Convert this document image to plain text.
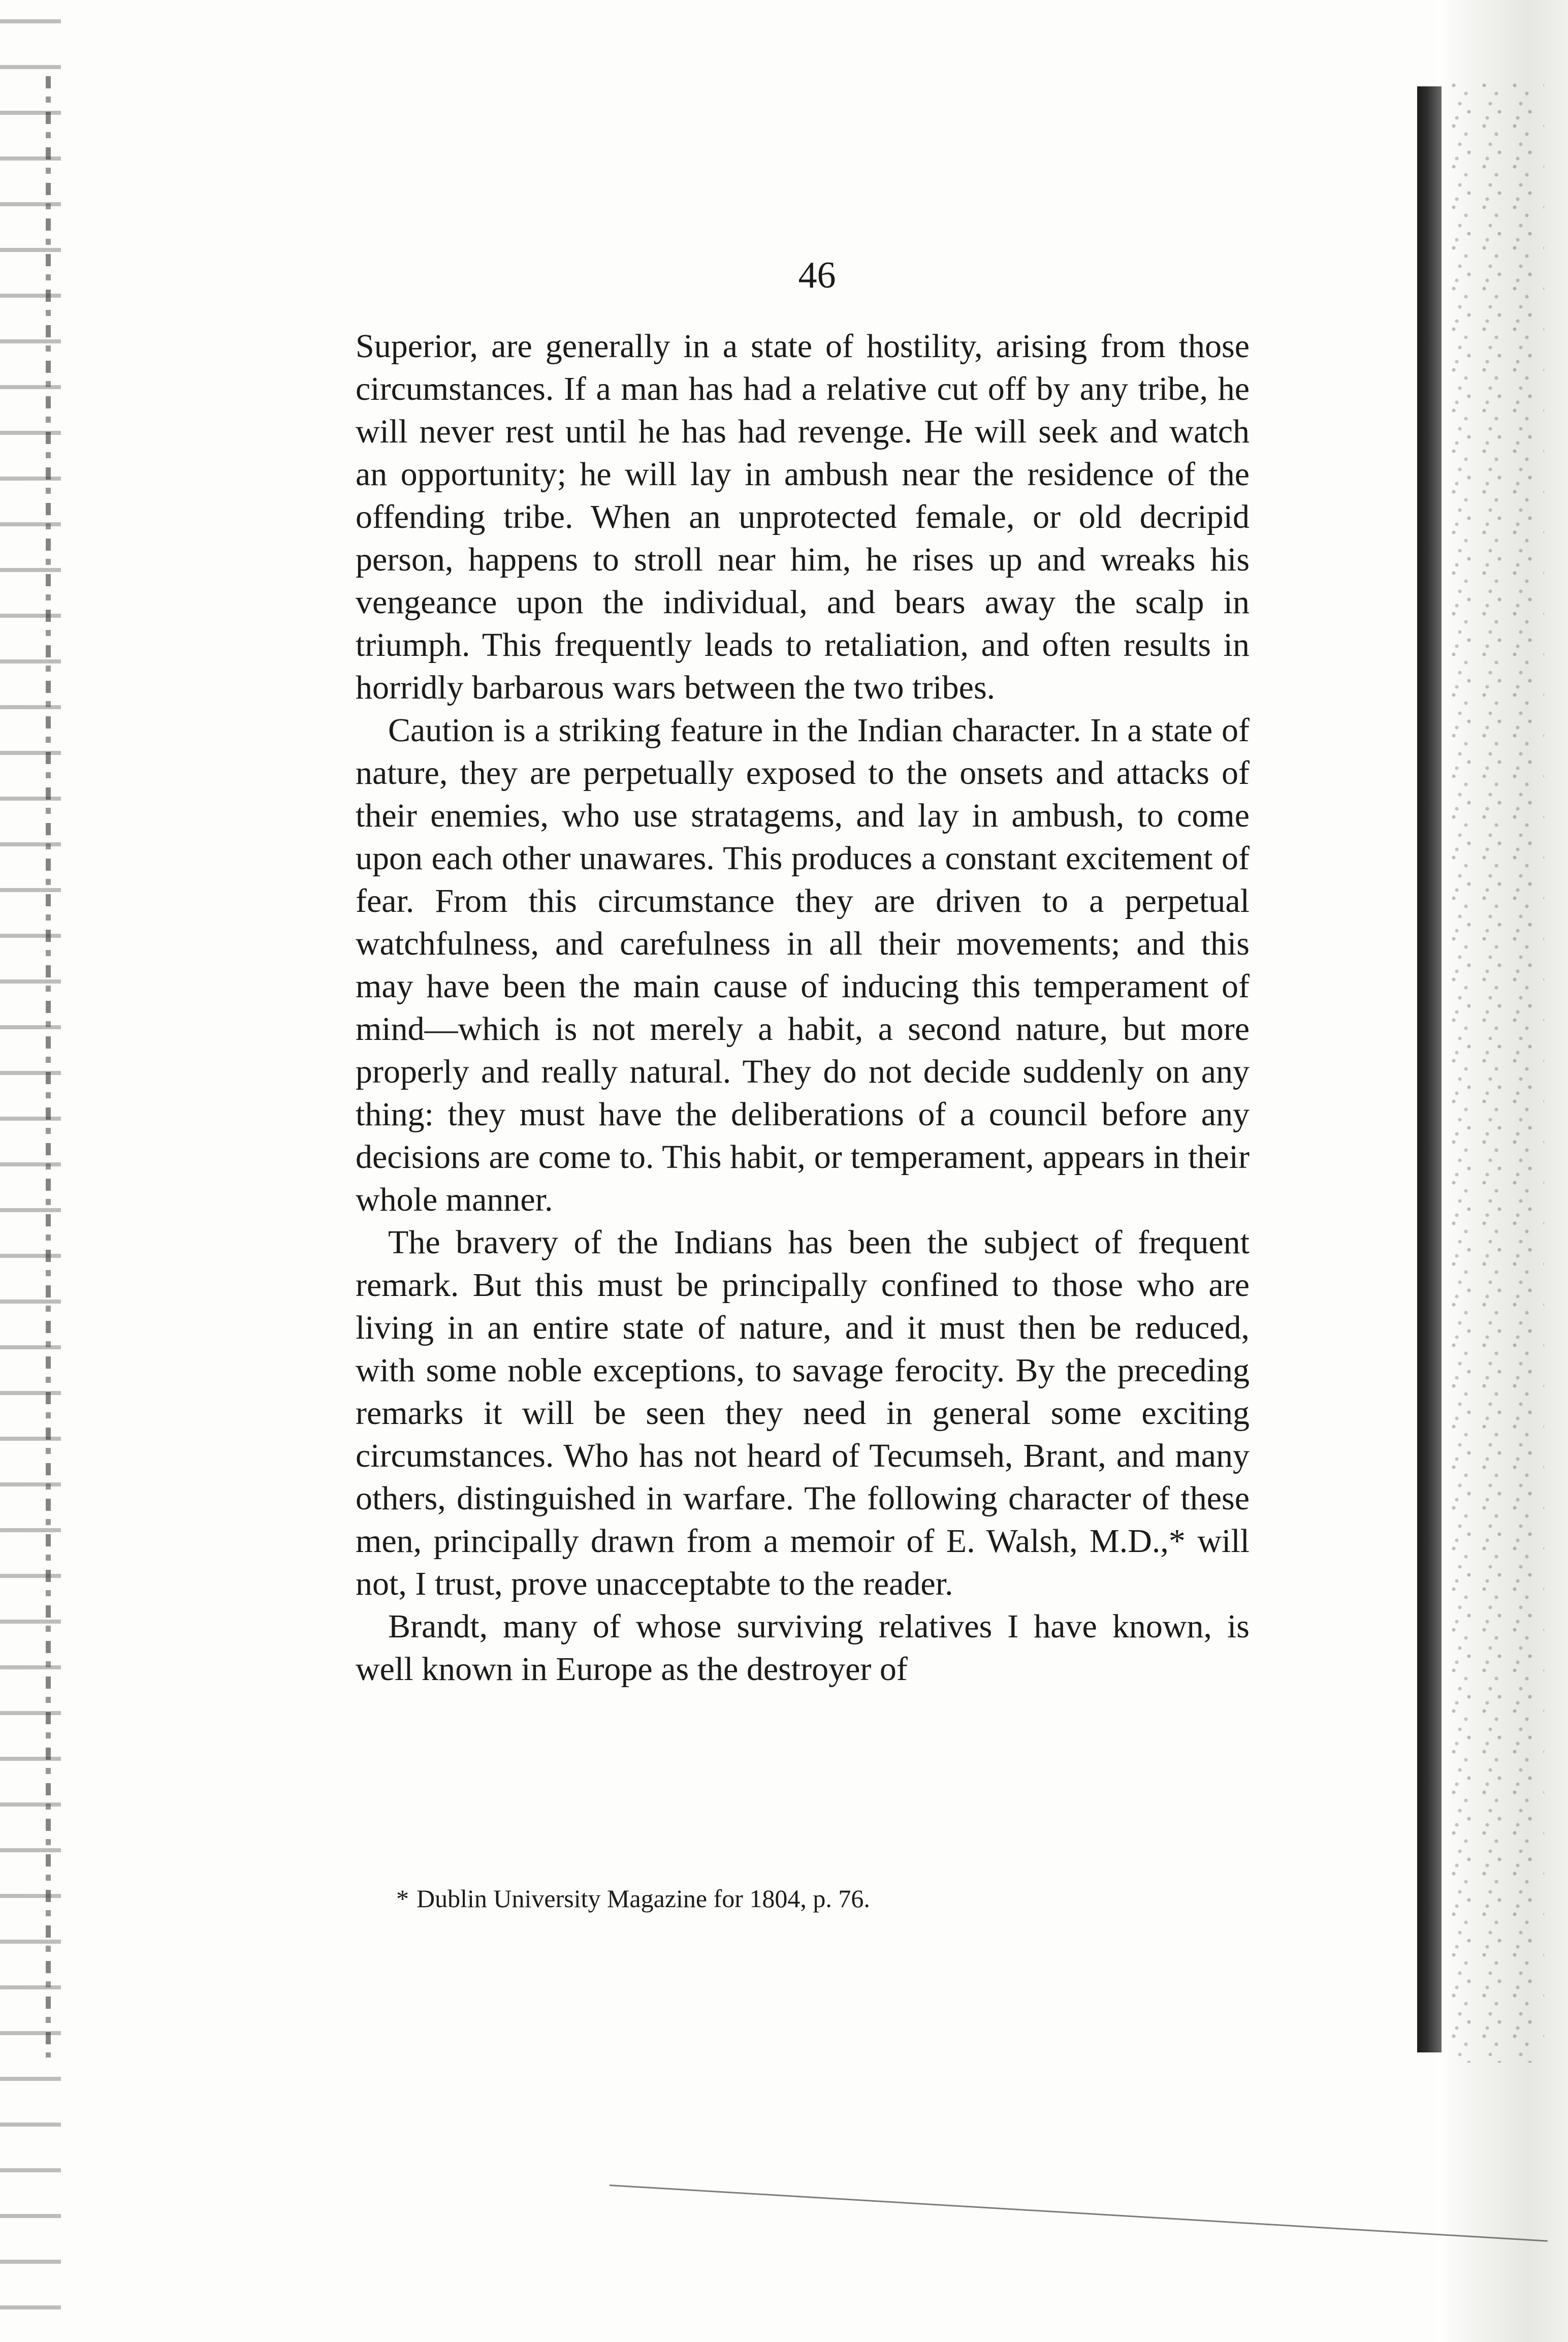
46

Superior, are generally in a state of hostility, arising from those circumstances. If a man has had a relative cut off by any tribe, he will never rest until he has had revenge. He will seek and watch an opportunity; he will lay in ambush near the residence of the offending tribe. When an unprotected female, or old decripid person, happens to stroll near him, he rises up and wreaks his vengeance upon the individual, and bears away the scalp in triumph. This frequently leads to retaliation, and often results in horridly barbarous wars between the two tribes.

Caution is a striking feature in the Indian character. In a state of nature, they are perpetually exposed to the onsets and attacks of their enemies, who use stratagems, and lay in ambush, to come upon each other unawares. This produces a constant excitement of fear. From this circumstance they are driven to a perpetual watchfulness, and carefulness in all their movements; and this may have been the main cause of inducing this temperament of mind—which is not merely a habit, a second nature, but more properly and really natural. They do not decide suddenly on any thing: they must have the deliberations of a council before any decisions are come to. This habit, or temperament, appears in their whole manner.

The bravery of the Indians has been the subject of frequent remark. But this must be principally confined to those who are living in an entire state of nature, and it must then be reduced, with some noble exceptions, to savage ferocity. By the preceding remarks it will be seen they need in general some exciting circumstances. Who has not heard of Tecumseh, Brant, and many others, distinguished in warfare. The following character of these men, principally drawn from a memoir of E. Walsh, M.D.,* will not, I trust, prove unacceptabte to the reader.

Brandt, many of whose surviving relatives I have known, is well known in Europe as the destroyer of

* Dublin University Magazine for 1804, p. 76.
